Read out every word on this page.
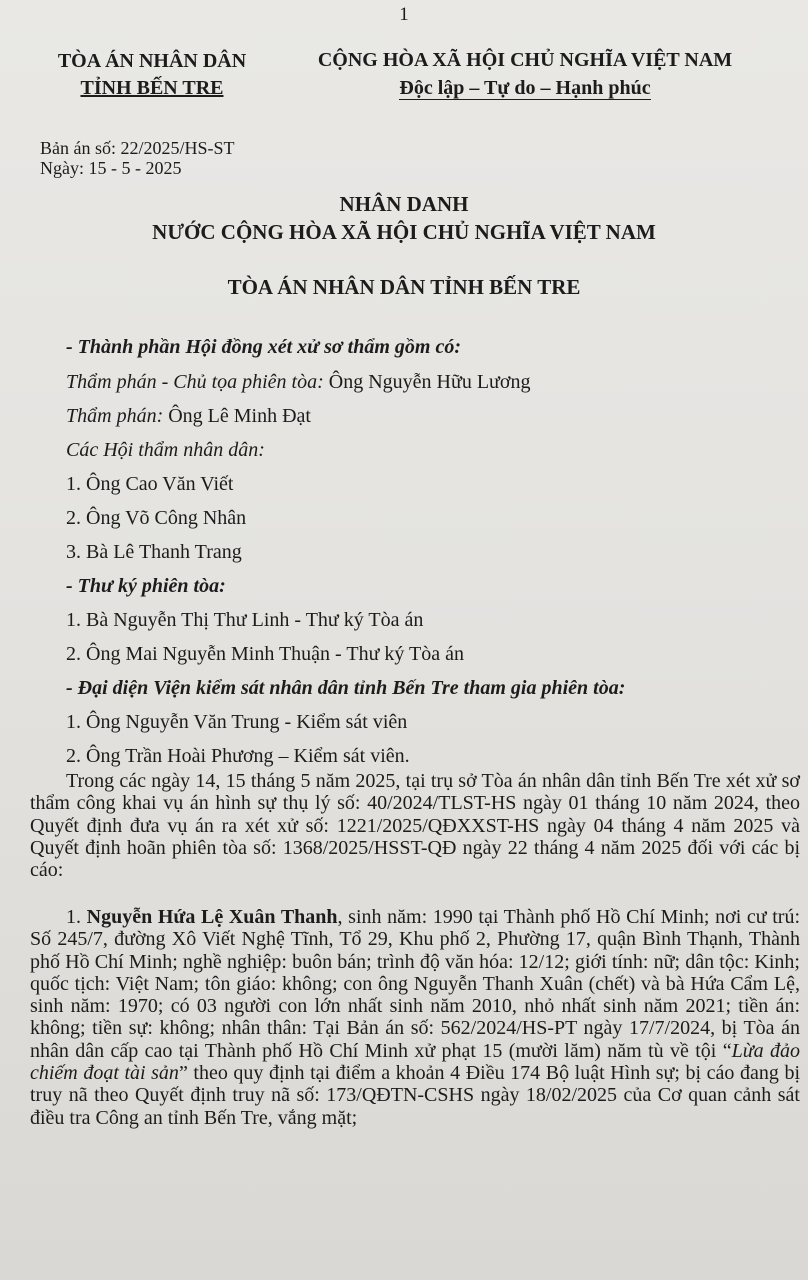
1
TÒA ÁN NHÂN DÂN
TỈNH BẾN TRE
CỘNG HÒA XÃ HỘI CHỦ NGHĨA VIỆT NAM
Độc lập – Tự do – Hạnh phúc
Bản án số: 22/2025/HS-ST
Ngày: 15 - 5 - 2025
NHÂN DANH
NƯỚC CỘNG HÒA XÃ HỘI CHỦ NGHĨA VIỆT NAM
TÒA ÁN NHÂN DÂN TỈNH BẾN TRE
- Thành phần Hội đồng xét xử sơ thẩm gồm có:
Thẩm phán - Chủ tọa phiên tòa: Ông Nguyễn Hữu Lương
Thẩm phán: Ông Lê Minh Đạt
Các Hội thẩm nhân dân:
1. Ông Cao Văn Viết
2. Ông Võ Công Nhân
3. Bà Lê Thanh Trang
- Thư ký phiên tòa:
1. Bà Nguyễn Thị Thư Linh - Thư ký Tòa án
2. Ông Mai Nguyễn Minh Thuận - Thư ký Tòa án
- Đại diện Viện kiểm sát nhân dân tỉnh Bến Tre tham gia phiên tòa:
1. Ông Nguyễn Văn Trung - Kiểm sát viên
2. Ông Trần Hoài Phương – Kiểm sát viên.

Trong các ngày 14, 15 tháng 5 năm 2025, tại trụ sở Tòa án nhân dân tỉnh Bến Tre xét xử sơ thẩm công khai vụ án hình sự thụ lý số: 40/2024/TLST-HS ngày 01 tháng 10 năm 2024, theo Quyết định đưa vụ án ra xét xử số: 1221/2025/QĐXXST-HS ngày 04 tháng 4 năm 2025 và Quyết định hoãn phiên tòa số: 1368/2025/HSST-QĐ ngày 22 tháng 4 năm 2025 đối với các bị cáo:

1. Nguyễn Hứa Lệ Xuân Thanh, sinh năm: 1990 tại Thành phố Hồ Chí Minh; nơi cư trú: Số 245/7, đường Xô Viết Nghệ Tĩnh, Tổ 29, Khu phố 2, Phường 17, quận Bình Thạnh, Thành phố Hồ Chí Minh; nghề nghiệp: buôn bán; trình độ văn hóa: 12/12; giới tính: nữ; dân tộc: Kinh; quốc tịch: Việt Nam; tôn giáo: không; con ông Nguyễn Thanh Xuân (chết) và bà Hứa Cẩm Lệ, sinh năm: 1970; có 03 người con lớn nhất sinh năm 2010, nhỏ nhất sinh năm 2021; tiền án: không; tiền sự: không; nhân thân: Tại Bản án số: 562/2024/HS-PT ngày 17/7/2024, bị Tòa án nhân dân cấp cao tại Thành phố Hồ Chí Minh xử phạt 15 (mười lăm) năm tù về tội “Lừa đảo chiếm đoạt tài sản” theo quy định tại điểm a khoản 4 Điều 174 Bộ luật Hình sự; bị cáo đang bị truy nã theo Quyết định truy nã số: 173/QĐTN-CSHS ngày 18/02/2025 của Cơ quan cảnh sát điều tra Công an tỉnh Bến Tre, vắng mặt;
